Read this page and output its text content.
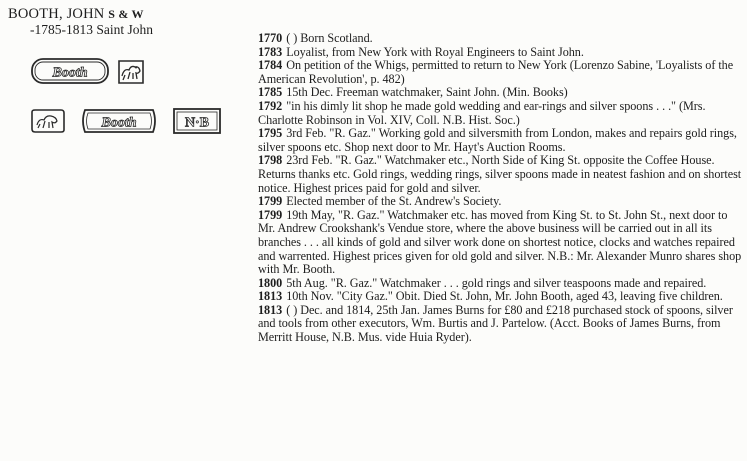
BOOTH, JOHN S & W
-1785-1813 Saint John
Booth
Booth	N·B

1770 ( ) Born Scotland.

1783 Loyalist, from New York with Royal Engineers to Saint John.

1784 On petition of the Whigs, permitted to return to New York (Lorenzo Sabine, 'Loyalists of the American Revolution', p. 482)

1785 15th Dec. Freeman watchmaker, Saint John. (Min. Books)

1792 "in his dimly lit shop he made gold wedding and ear-rings and silver spoons . . ." (Mrs. Charlotte Robinson in Vol. XIV, Coll. N.B. Hist. Soc.)

1795 3rd Feb. "R. Gaz." Working gold and silversmith from London, makes and repairs gold rings, silver spoons etc. Shop next door to Mr. Hayt's Auction Rooms.

1798 23rd Feb. "R. Gaz." Watchmaker etc., North Side of King St. opposite the Coffee House. Returns thanks etc. Gold rings, wedding rings, silver spoons made in neatest fashion and on shortest notice. Highest prices paid for gold and silver.

1799 Elected member of the St. Andrew's Society.

1799 19th May, "R. Gaz." Watchmaker etc. has moved from King St. to St. John St., next door to Mr. Andrew Crookshank's Vendue store, where the above business will be carried out in all its branches . . . all kinds of gold and silver work done on shortest notice, clocks and watches repaired and warrented. Highest prices given for old gold and silver. N.B.: Mr. Alexander Munro shares shop with Mr. Booth.

1800 5th Aug. "R. Gaz." Watchmaker . . . gold rings and silver teaspoons made and repaired.

1813 10th Nov. "City Gaz." Obit. Died St. John, Mr. John Booth, aged 43, leaving five children.

1813 ( ) Dec. and 1814, 25th Jan. James Burns for £80 and £218 purchased stock of spoons, silver and tools from other executors, Wm. Burtis and J. Partelow. (Acct. Books of James Burns, from Merritt House, N.B. Mus. vide Huia Ryder).
